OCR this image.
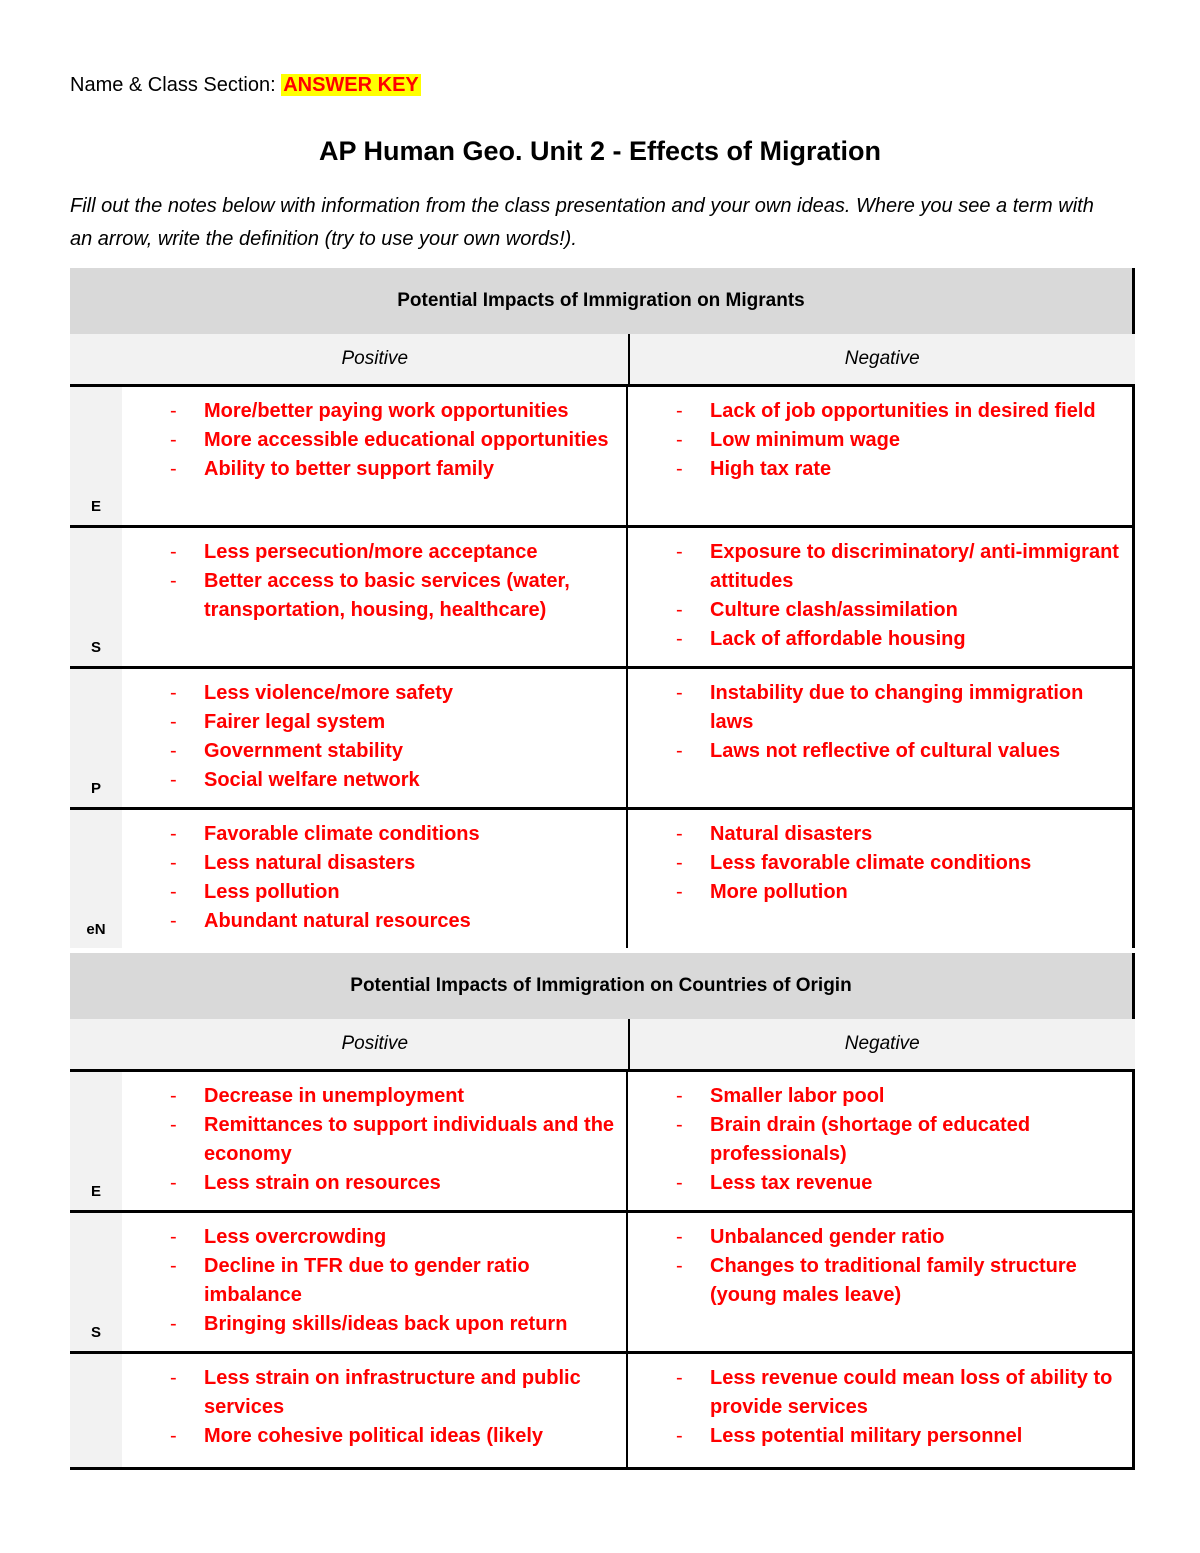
Name & Class Section: ANSWER KEY
AP Human Geo. Unit 2 - Effects of Migration
Fill out the notes below with information from the class presentation and your own ideas. Where you see a term with an arrow, write the definition (try to use your own words!).
Potential Impacts of Immigration on Migrants
Positive	Negative
E
- More/better paying work opportunities
- More accessible educational opportunities
- Ability to better support family
- Lack of job opportunities in desired field
- Low minimum wage
- High tax rate
S
- Less persecution/more acceptance
- Better access to basic services (water, transportation, housing, healthcare)
- Exposure to discriminatory/ anti-immigrant attitudes
- Culture clash/assimilation
- Lack of affordable housing
P
- Less violence/more safety
- Fairer legal system
- Government stability
- Social welfare network
- Instability due to changing immigration laws
- Laws not reflective of cultural values
eN
- Favorable climate conditions
- Less natural disasters
- Less pollution
- Abundant natural resources
- Natural disasters
- Less favorable climate conditions
- More pollution
Potential Impacts of Immigration on Countries of Origin
Positive	Negative
E
- Decrease in unemployment
- Remittances to support individuals and the economy
- Less strain on resources
- Smaller labor pool
- Brain drain (shortage of educated professionals)
- Less tax revenue
S
- Less overcrowding
- Decline in TFR due to gender ratio imbalance
- Bringing skills/ideas back upon return
- Unbalanced gender ratio
- Changes to traditional family structure (young males leave)
- Less strain on infrastructure and public services
- More cohesive political ideas (likely
- Less revenue could mean loss of ability to provide services
- Less potential military personnel
